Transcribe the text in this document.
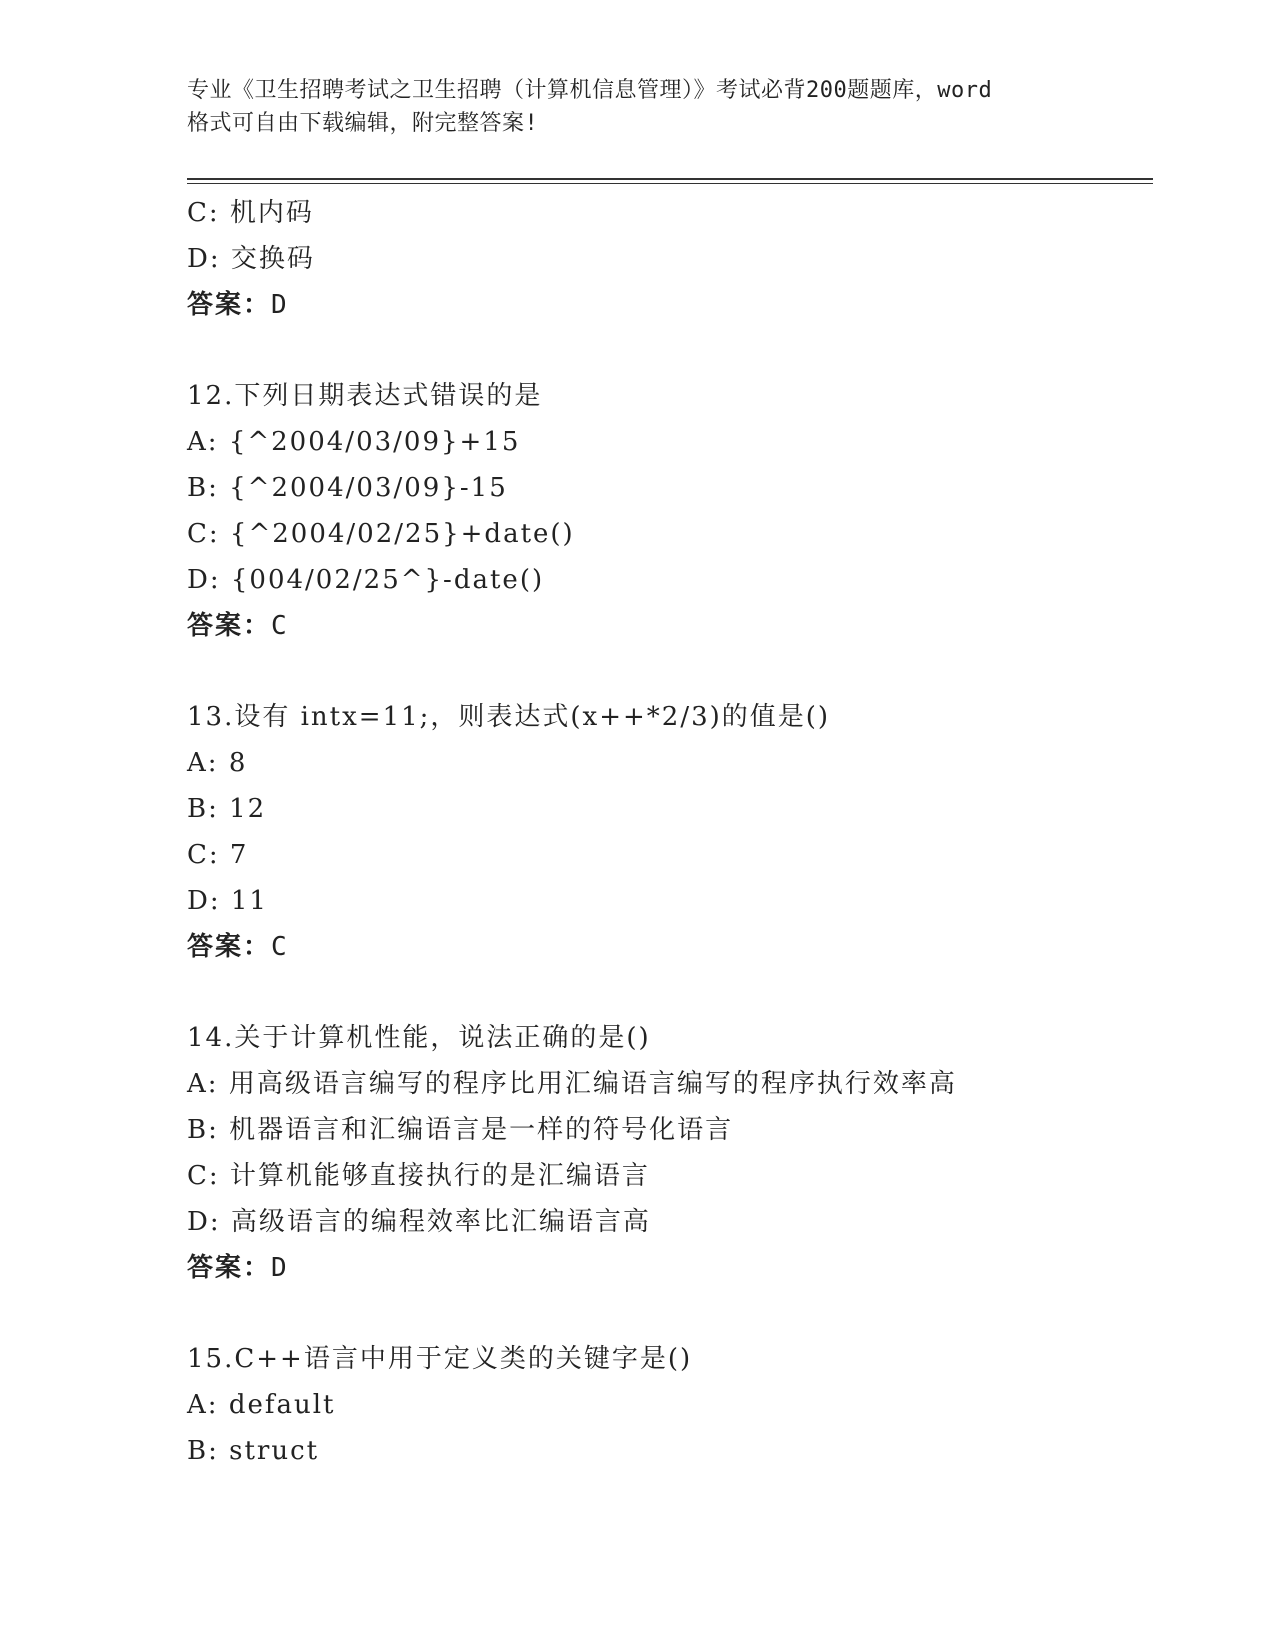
专业《卫生招聘考试之卫生招聘（计算机信息管理）》考试必背200题题库，word
格式可自由下载编辑，附完整答案!
C: 机内码
D: 交换码
答案：D
12.下列日期表达式错误的是
A: {^2004/03/09}+15
B: {^2004/03/09}-15
C: {^2004/02/25}+date()
D: {004/02/25^}-date()
答案：C
13.设有 intx=11;，则表达式(x++*2/3)的值是()
A: 8
B: 12
C: 7
D: 11
答案：C
14.关于计算机性能，说法正确的是()
A: 用高级语言编写的程序比用汇编语言编写的程序执行效率高
B: 机器语言和汇编语言是一样的符号化语言
C: 计算机能够直接执行的是汇编语言
D: 高级语言的编程效率比汇编语言高
答案：D
15.C++语言中用于定义类的关键字是()
A: default
B: struct
